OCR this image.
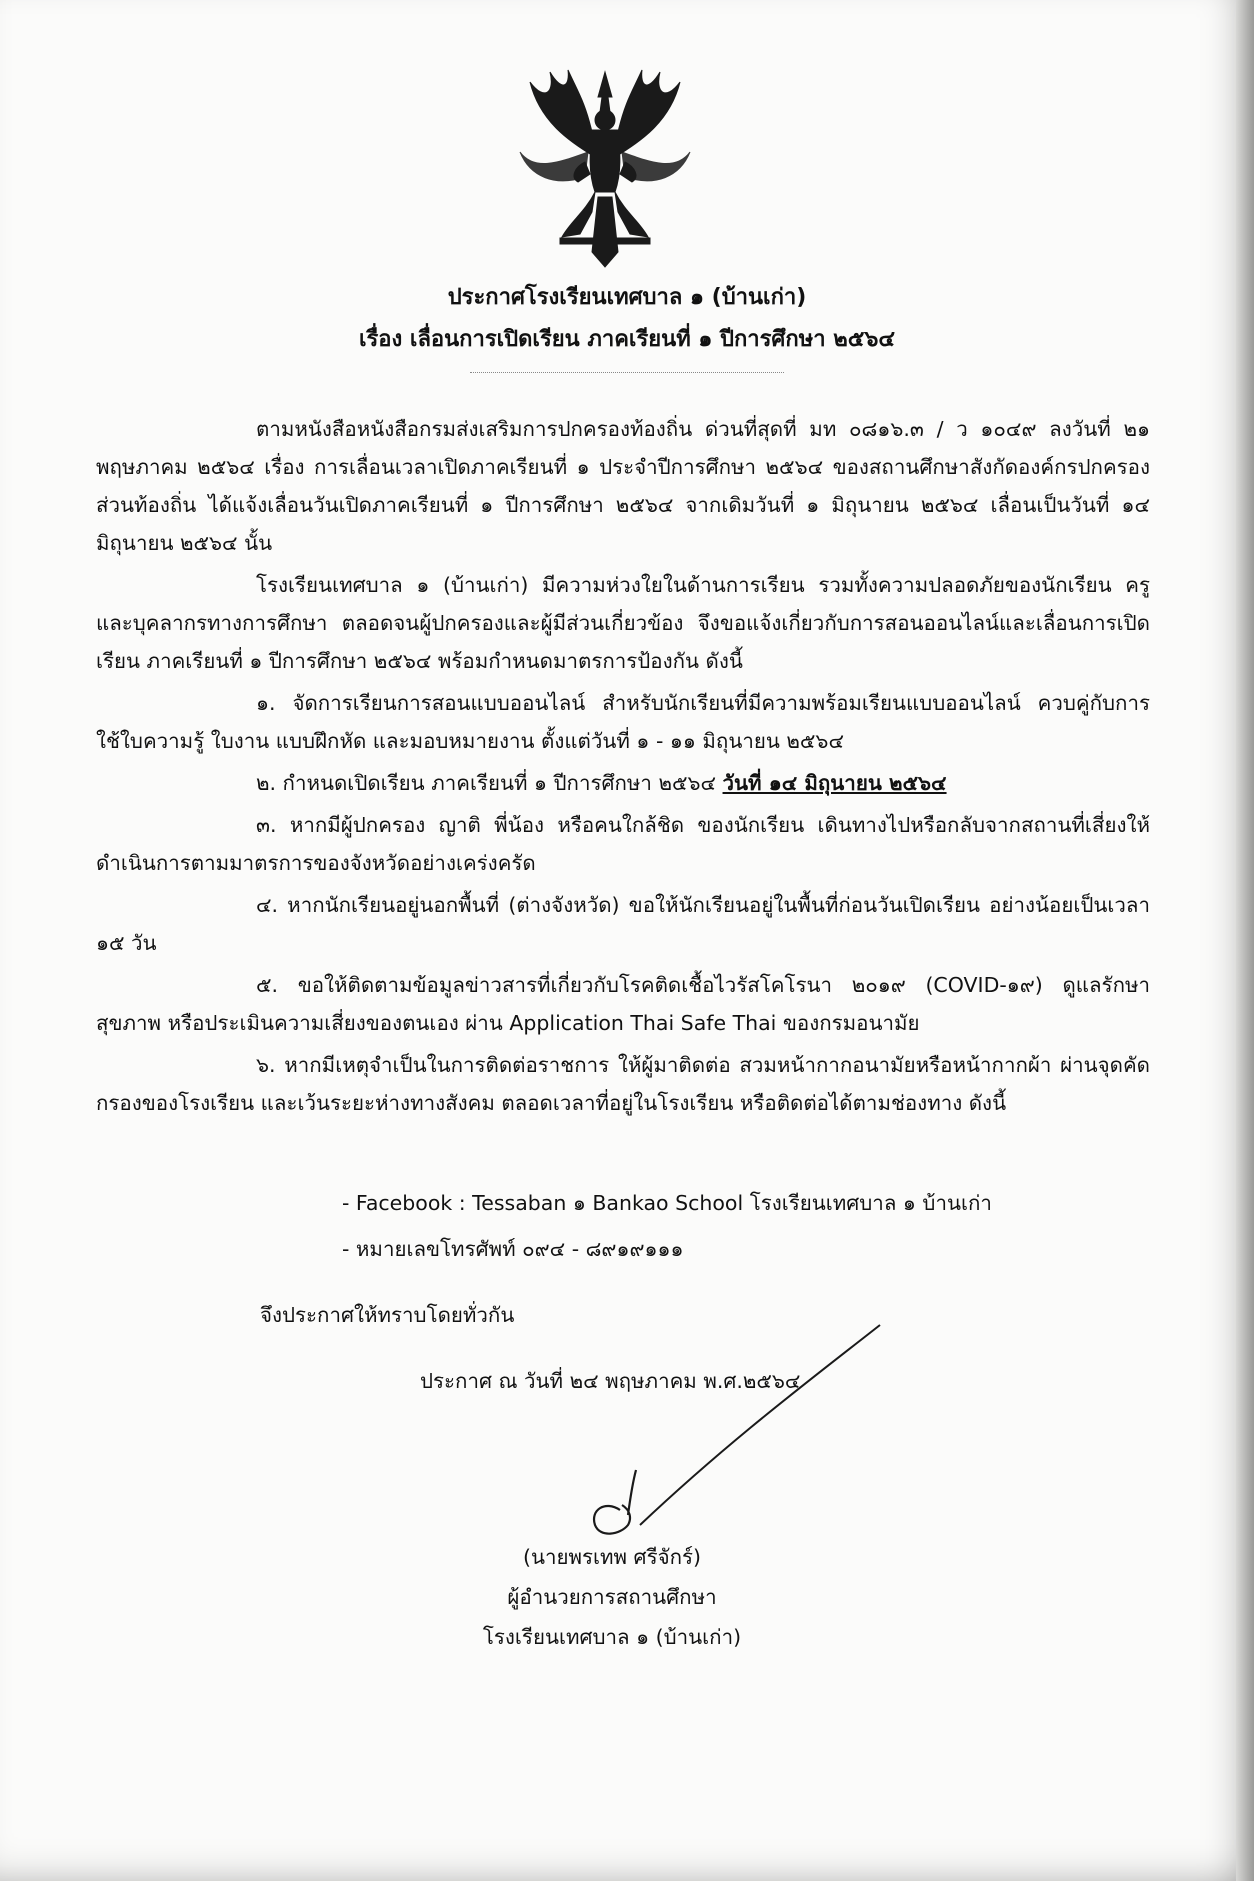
ประกาศโรงเรียนเทศบาล ๑ (บ้านเก่า)
เรื่อง เลื่อนการเปิดเรียน ภาคเรียนที่ ๑ ปีการศึกษา ๒๕๖๔

ตามหนังสือหนังสือกรมส่งเสริมการปกครองท้องถิ่น ด่วนที่สุดที่ มท ๐๘๑๖.๓ / ว ๑๐๔๙ ลงวันที่ ๒๑ พฤษภาคม ๒๕๖๔ เรื่อง การเลื่อนเวลาเปิดภาคเรียนที่ ๑ ประจำปีการศึกษา ๒๕๖๔ ของสถานศึกษาสังกัดองค์กรปกครองส่วนท้องถิ่น ได้แจ้งเลื่อนวันเปิดภาคเรียนที่ ๑ ปีการศึกษา ๒๕๖๔ จากเดิมวันที่ ๑ มิถุนายน ๒๕๖๔ เลื่อนเป็นวันที่ ๑๔ มิถุนายน ๒๕๖๔ นั้น

โรงเรียนเทศบาล ๑ (บ้านเก่า) มีความห่วงใยในด้านการเรียน รวมทั้งความปลอดภัยของนักเรียน ครูและบุคลากรทางการศึกษา ตลอดจนผู้ปกครองและผู้มีส่วนเกี่ยวข้อง จึงขอแจ้งเกี่ยวกับการสอนออนไลน์และเลื่อนการเปิดเรียน ภาคเรียนที่ ๑ ปีการศึกษา ๒๕๖๔ พร้อมกำหนดมาตรการป้องกัน ดังนี้

๑. จัดการเรียนการสอนแบบออนไลน์ สำหรับนักเรียนที่มีความพร้อมเรียนแบบออนไลน์ ควบคู่กับการใช้ใบความรู้ ใบงาน แบบฝึกหัด และมอบหมายงาน ตั้งแต่วันที่ ๑ - ๑๑ มิถุนายน ๒๕๖๔

๒. กำหนดเปิดเรียน ภาคเรียนที่ ๑ ปีการศึกษา ๒๕๖๔ วันที่ ๑๔ มิถุนายน ๒๕๖๔

๓. หากมีผู้ปกครอง ญาติ พี่น้อง หรือคนใกล้ชิด ของนักเรียน เดินทางไปหรือกลับจากสถานที่เสี่ยงให้ดำเนินการตามมาตรการของจังหวัดอย่างเคร่งครัด

๔. หากนักเรียนอยู่นอกพื้นที่ (ต่างจังหวัด) ขอให้นักเรียนอยู่ในพื้นที่ก่อนวันเปิดเรียน อย่างน้อยเป็นเวลา ๑๕ วัน

๕. ขอให้ติดตามข้อมูลข่าวสารที่เกี่ยวกับโรคติดเชื้อไวรัสโคโรนา ๒๐๑๙ (COVID-๑๙) ดูแลรักษาสุขภาพ หรือประเมินความเสี่ยงของตนเอง ผ่าน Application Thai Safe Thai ของกรมอนามัย

๖. หากมีเหตุจำเป็นในการติดต่อราชการ ให้ผู้มาติดต่อ สวมหน้ากากอนามัยหรือหน้ากากผ้า ผ่านจุดคัดกรองของโรงเรียน และเว้นระยะห่างทางสังคม ตลอดเวลาที่อยู่ในโรงเรียน หรือติดต่อได้ตามช่องทาง ดังนี้

- Facebook : Tessaban ๑ Bankao School โรงเรียนเทศบาล ๑ บ้านเก่า
- หมายเลขโทรศัพท์ ๐๙๔ - ๘๙๑๙๑๑๑
จึงประกาศให้ทราบโดยทั่วกัน
ประกาศ ณ วันที่ ๒๔ พฤษภาคม พ.ศ.๒๕๖๔
(นายพรเทพ ศรีจักร์)
ผู้อำนวยการสถานศึกษา
โรงเรียนเทศบาล ๑ (บ้านเก่า)
